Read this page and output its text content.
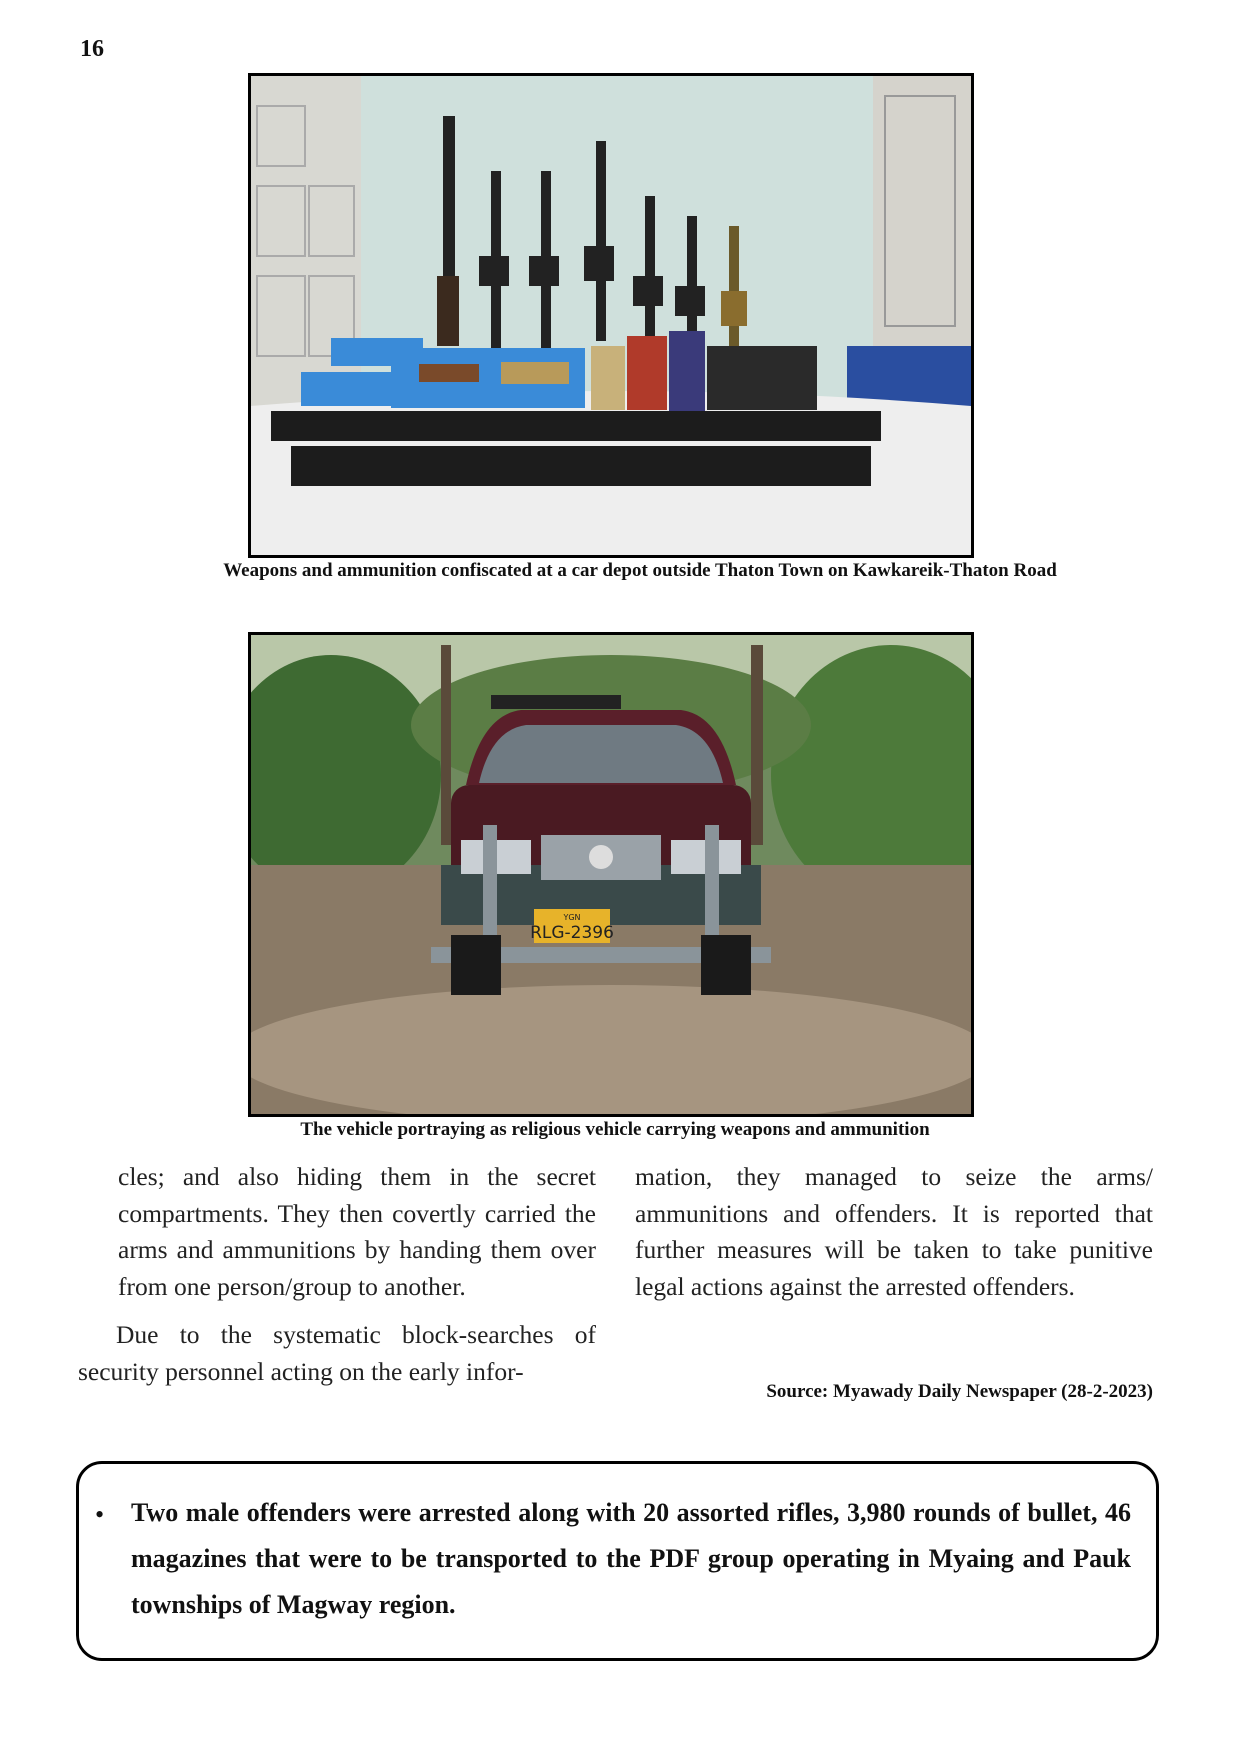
16
Weapons and ammunition confiscated at a car depot outside Thaton Town on Kawkareik-Thaton Road
YGN
RLG-2396
The vehicle portraying as religious vehicle carrying weapons and ammunition

cles; and also hiding them in the secret compartments. They then covertly carried the arms and ammunitions by handing them over from one person/group to another.

Due to the systematic block-searches of security personnel acting on the early infor-

mation, they managed to seize the arms/ ammunitions and offenders. It is reported that further measures will be taken to take punitive legal actions against the arrested offenders.

Source: Myawady Daily Newspaper (28-2-2023)
• Two male offenders were arrested along with 20 assorted rifles, 3,980 rounds of bullet, 46 magazines that were to be transported to the PDF group operating in Myaing and Pauk townships of Magway region.
